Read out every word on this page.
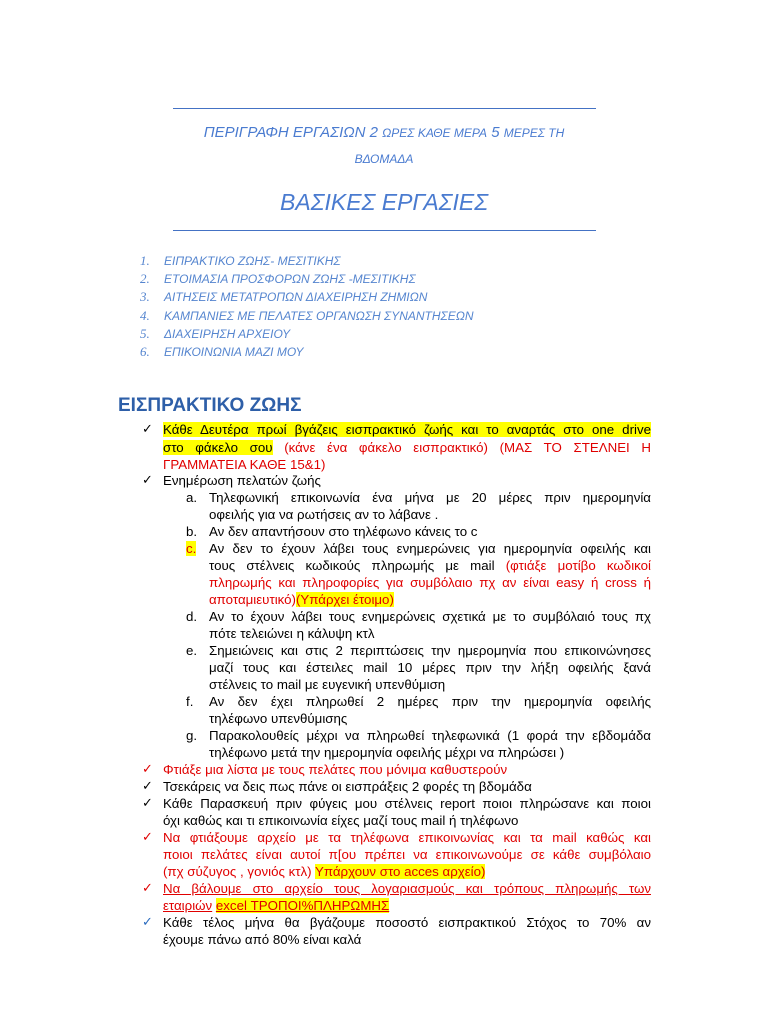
ΠΕΡΙΓΡΑΦΗ ΕΡΓΑΣΙΩΝ 2 ΩΡΕΣ ΚΑΘΕ ΜΕΡΑ 5 ΜΕΡΕΣ ΤΗ
ΒΔΟΜΑΔΑ
ΒΑΣΙΚΕΣ ΕΡΓΑΣΙΕΣ
1. ΕΙΠΡΑΚΤΙΚΟ ΖΩΗΣ- ΜΕΣΙΤΙΚΗΣ
2. ΕΤΟΙΜΑΣΙΑ ΠΡΟΣΦΟΡΩΝ ΖΩΗΣ -ΜΕΣΙΤΙΚΗΣ
3. ΑΙΤΗΣΕΙΣ ΜΕΤΑΤΡΟΠΩΝ ΔΙΑΧΕΙΡΗΣΗ ΖΗΜΙΩΝ
4. ΚΑΜΠΑΝΙΕΣ ΜΕ ΠΕΛΑΤΕΣ ΟΡΓΑΝΩΣΗ ΣΥΝΑΝΤΗΣΕΩΝ
5. ΔΙΑΧΕΙΡΗΣΗ ΑΡΧΕΙΟΥ
6. ΕΠΙΚΟΙΝΩΝΙΑ ΜΑΖΙ ΜΟΥ
ΕΙΣΠΡΑΚΤΙΚΟ ΖΩΗΣ
✓ Κάθε Δευτέρα πρωί βγάζεις εισπρακτικό ζωής και το αναρτάς στο one drive
στο φάκελο σου (κάνε ένα φάκελο εισπρακτικό) (ΜΑΣ ΤΟ ΣΤΕΛΝΕΙ Η
ΓΡΑΜΜΑΤΕΙΑ ΚΑΘΕ 15&1)
✓ Ενημέρωση πελατών ζωής
a. Τηλεφωνική επικοινωνία ένα μήνα με 20 μέρες πριν ημερομηνία
οφειλής για να ρωτήσεις αν το λάβανε .
b. Αν δεν απαντήσουν στο τηλέφωνο κάνεις το c
c. Αν δεν το έχουν λάβει τους ενημερώνεις για ημερομηνία οφειλής και
τους στέλνεις κωδικούς πληρωμής με mail (φτιάξε μοτίβο κωδικοί
πληρωμής και πληροφορίες για συμβόλαιο πχ αν είναι easy ή cross ή
αποταμιευτικό)(Υπάρχει έτοιμο)
d. Αν το έχουν λάβει τους ενημερώνεις σχετικά με το συμβόλαιό τους πχ
πότε τελειώνει η κάλυψη κτλ
e. Σημειώνεις και στις 2 περιπτώσεις την ημερομηνία που επικοινώνησες
μαζί τους και έστειλες mail 10 μέρες πριν την λήξη οφειλής ξανά
στέλνεις το mail με ευγενική υπενθύμιση
f. Αν δεν έχει πληρωθεί 2 ημέρες πριν την ημερομηνία οφειλής
τηλέφωνο υπενθύμισης
g. Παρακολουθείς μέχρι να πληρωθεί τηλεφωνικά (1 φορά την εβδομάδα
τηλέφωνο μετά την ημερομηνία οφειλής μέχρι να πληρώσει )
✓ Φτιάξε μια λίστα με τους πελάτες που μόνιμα καθυστερούν
✓ Τσεκάρεις να δεις πως πάνε οι εισπράξεις 2 φορές τη βδομάδα
✓ Κάθε Παρασκευή πριν φύγεις μου στέλνεις report ποιοι πληρώσανε και ποιοι
όχι καθώς και τι επικοινωνία είχες μαζί τους mail ή τηλέφωνο
✓ Να φτιάξουμε αρχείο με τα τηλέφωνα επικοινωνίας και τα mail καθώς και
ποιοι πελάτες είναι αυτοί π[ου πρέπει να επικοινωνούμε σε κάθε συμβόλαιο
(πχ σύζυγος , γονιός κτλ) Υπάρχουν στο acces αρχείο)
✓ Να βάλουμε στο αρχείο τους λογαριασμούς και τρόπους πληρωμής των
εταιριών excel ΤΡΟΠΟΙ%ΠΛΗΡΩΜΗΣ
✓ Κάθε τέλος μήνα θα βγάζουμε ποσοστό εισπρακτικού Στόχος το 70% αν
έχουμε πάνω από 80% είναι καλά
